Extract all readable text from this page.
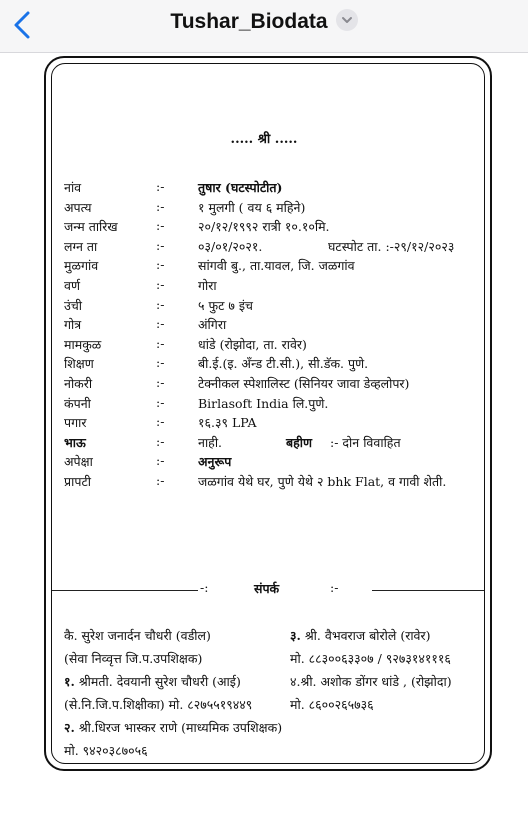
Tushar_Biodata
..... श्री .....
नांव	:-	तुषार (घटस्पोटीत)
अपत्य	:-	१ मुलगी ( वय ६ महिने)
जन्म तारिख	:-	२०/१२/१९९२ रात्री १०.१०मि.
लग्न ता	:-	०३/०१/२०२१.	घटस्पोट ता. :-२९/१२/२०२३
मुळगांव	:-	सांगवी बु., ता.यावल, जि. जळगांव
वर्ण	:-	गोरा
उंची	:-	५ फुट ७ इंच
गोत्र	:-	अंगिरा
मामकुळ	:-	धांडे (रोझोदा, ता. रावेर)
शिक्षण	:-	बी.ई.(इ. अँन्ड टी.सी.), सी.डॅक. पुणे.
नोकरी	:-	टेक्नीकल स्पेशालिस्ट (सिनियर जावा डेव्हलोपर)
कंपनी	:-	Birlasoft India लि.पुणे.
पगार	:-	१६.३९ LPA
भाऊ	:-	नाही.	बहीण :- दोन विवाहित
अपेक्षा	:-	अनुरूप
प्रापटी	:-	जळगांव येथे घर, पुणे येथे २ bhk Flat, व गावी शेती.
-:	संपर्क	:-
कै. सुरेश जनार्दन चौधरी (वडील)
(सेवा निव्वृत्त जि.प.उपशिक्षक)
१. श्रीमती. देवयानी सुरेश चौधरी (आई)
(से.नि.जि.प.शिक्षीका) मो. ८२७५५१९४४९
२. श्री.धिरज भास्कर राणे (माध्यमिक उपशिक्षक)
मो. ९४२०३८७०५६
३. श्री. वैभवराज बोरोले (रावेर)
मो. ८८३००६३३०७ / ९२७३१४१११६
४.श्री. अशोक डोंगर धांडे , (रोझोदा)
मो. ८६००२६५७३६
